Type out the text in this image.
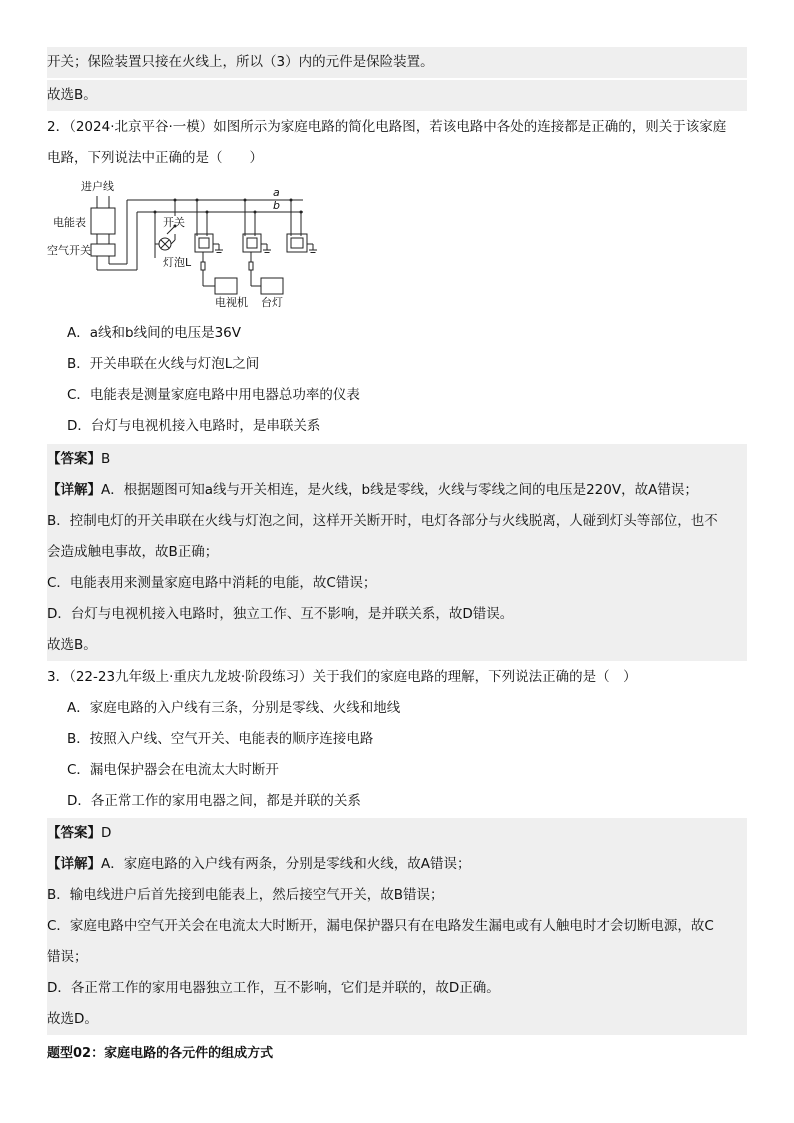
开关；保险装置只接在火线上，所以（3）内的元件是保险装置。
故选B。
2．（2024·北京平谷·一模）如图所示为家庭电路的简化电路图，若该电路中各处的连接都是正确的，则关于该家庭
电路，下列说法中正确的是（　　）
进户线
电能表
空气开关
开关
灯泡L
电视机 台灯
a
b
A．a线和b线间的电压是36V
B．开关串联在火线与灯泡L之间
C．电能表是测量家庭电路中用电器总功率的仪表
D．台灯与电视机接入电路时，是串联关系
【答案】B
【详解】A．根据题图可知a线与开关相连，是火线，b线是零线，火线与零线之间的电压是220V，故A错误；
B．控制电灯的开关串联在火线与灯泡之间，这样开关断开时，电灯各部分与火线脱离，人碰到灯头等部位，也不
会造成触电事故，故B正确；
C．电能表用来测量家庭电路中消耗的电能，故C错误；
D．台灯与电视机接入电路时，独立工作、互不影响，是并联关系，故D错误。
故选B。
3．（22-23九年级上·重庆九龙坡·阶段练习）关于我们的家庭电路的理解，下列说法正确的是（　）
A．家庭电路的入户线有三条，分别是零线、火线和地线
B．按照入户线、空气开关、电能表的顺序连接电路
C．漏电保护器会在电流太大时断开
D．各正常工作的家用电器之间，都是并联的关系
【答案】D
【详解】A．家庭电路的入户线有两条，分别是零线和火线，故A错误；
B．输电线进户后首先接到电能表上，然后接空气开关，故B错误；
C．家庭电路中空气开关会在电流太大时断开，漏电保护器只有在电路发生漏电或有人触电时才会切断电源，故C
错误；
D．各正常工作的家用电器独立工作，互不影响，它们是并联的，故D正确。
故选D。
题型02：家庭电路的各元件的组成方式
